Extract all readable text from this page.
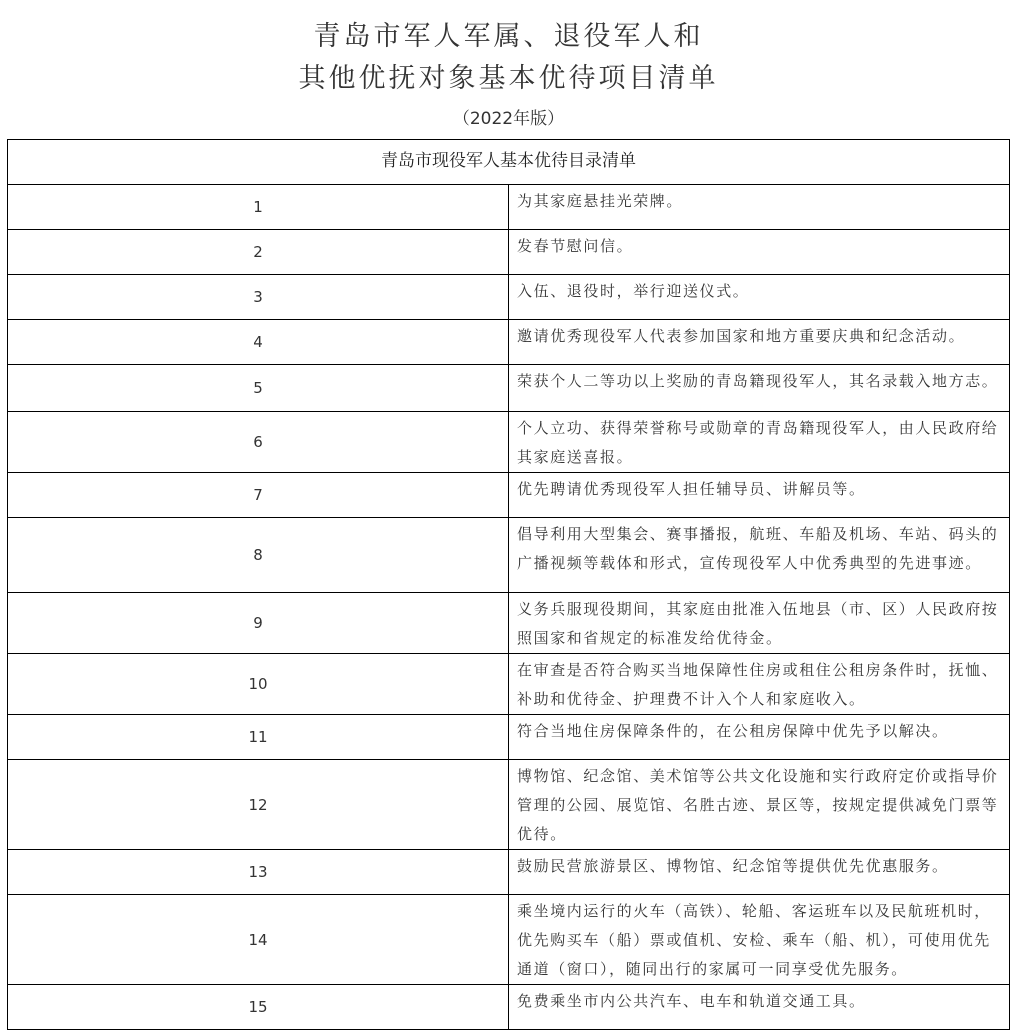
青岛市军人军属、退役军人和
其他优抚对象基本优待项目清单
（2022年版）
青岛市现役军人基本优待目录清单	

1	为其家庭悬挂光荣牌。
2	发春节慰问信。
3	入伍、退役时，举行迎送仪式。
4	邀请优秀现役军人代表参加国家和地方重要庆典和纪念活动。
5	荣获个人二等功以上奖励的青岛籍现役军人，其名录载入地方志。
6	个人立功、获得荣誉称号或勋章的青岛籍现役军人，由人民政府给其家庭送喜报。
7	优先聘请优秀现役军人担任辅导员、讲解员等。
8	倡导利用大型集会、赛事播报，航班、车船及机场、车站、码头的广播视频等载体和形式，宣传现役军人中优秀典型的先进事迹。
9	义务兵服现役期间，其家庭由批准入伍地县（市、区）人民政府按照国家和省规定的标准发给优待金。
10	在审查是否符合购买当地保障性住房或租住公租房条件时，抚恤、补助和优待金、护理费不计入个人和家庭收入。
11	符合当地住房保障条件的，在公租房保障中优先予以解决。
12	博物馆、纪念馆、美术馆等公共文化设施和实行政府定价或指导价管理的公园、展览馆、名胜古迹、景区等，按规定提供减免门票等优待。
13	鼓励民营旅游景区、博物馆、纪念馆等提供优先优惠服务。
14	乘坐境内运行的火车（高铁）、轮船、客运班车以及民航班机时，优先购买车（船）票或值机、安检、乘车（船、机），可使用优先通道（窗口），随同出行的家属可一同享受优先服务。
15	免费乘坐市内公共汽车、电车和轨道交通工具。
